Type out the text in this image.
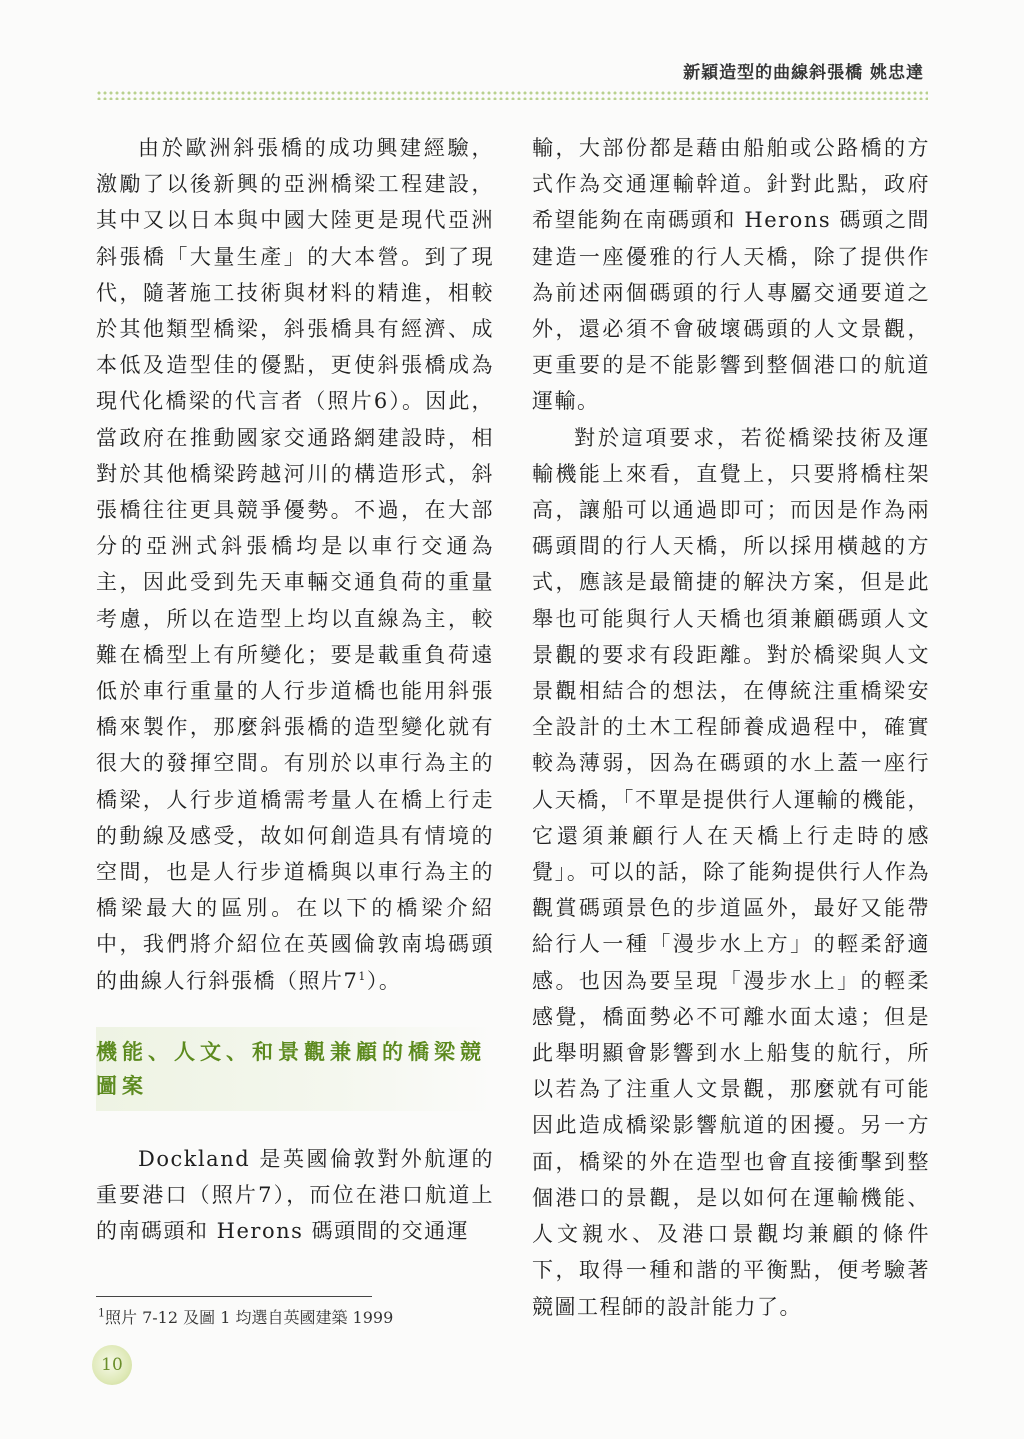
新穎造型的曲線斜張橋 姚忠達

由於歐洲斜張橋的成功興建經驗，激勵了以後新興的亞洲橋梁工程建設，其中又以日本與中國大陸更是現代亞洲斜張橋「大量生產」的大本營。到了現代，隨著施工技術與材料的精進，相較於其他類型橋梁，斜張橋具有經濟、成本低及造型佳的優點，更使斜張橋成為現代化橋梁的代言者（照片6）。因此，當政府在推動國家交通路網建設時，相對於其他橋梁跨越河川的構造形式，斜張橋往往更具競爭優勢。不過，在大部分的亞洲式斜張橋均是以車行交通為主，因此受到先天車輛交通負荷的重量考慮，所以在造型上均以直線為主，較難在橋型上有所變化；要是載重負荷遠低於車行重量的人行步道橋也能用斜張橋來製作，那麼斜張橋的造型變化就有很大的發揮空間。有別於以車行為主的橋梁，人行步道橋需考量人在橋上行走的動線及感受，故如何創造具有情境的空間，也是人行步道橋與以車行為主的橋梁最大的區別。在以下的橋梁介紹中，我們將介紹位在英國倫敦南塢碼頭的曲線人行斜張橋（照片$7^1$）。

機能、人文、和景觀兼顧的橋梁競圖案

Dockland 是英國倫敦對外航運的重要港口（照片7），而位在港口航道上的南碼頭和 Herons 碼頭間的交通運

輸，大部份都是藉由船舶或公路橋的方式作為交通運輸幹道。針對此點，政府希望能夠在南碼頭和 Herons 碼頭之間建造一座優雅的行人天橋，除了提供作為前述兩個碼頭的行人專屬交通要道之外，還必須不會破壞碼頭的人文景觀，更重要的是不能影響到整個港口的航道運輸。

對於這項要求，若從橋梁技術及運輸機能上來看，直覺上，只要將橋柱架高，讓船可以通過即可；而因是作為兩碼頭間的行人天橋，所以採用橫越的方式，應該是最簡捷的解決方案，但是此舉也可能與行人天橋也須兼顧碼頭人文景觀的要求有段距離。對於橋梁與人文景觀相結合的想法，在傳統注重橋梁安全設計的土木工程師養成過程中，確實較為薄弱，因為在碼頭的水上蓋一座行人天橋，「不單是提供行人運輸的機能，它還須兼顧行人在天橋上行走時的感覺」。可以的話，除了能夠提供行人作為觀賞碼頭景色的步道區外，最好又能帶給行人一種「漫步水上方」的輕柔舒適感。也因為要呈現「漫步水上」的輕柔感覺，橋面勢必不可離水面太遠；但是此舉明顯會影響到水上船隻的航行，所以若為了注重人文景觀，那麼就有可能因此造成橋梁影響航道的困擾。另一方面，橋梁的外在造型也會直接衝擊到整個港口的景觀，是以如何在運輸機能、人文親水、及港口景觀均兼顧的條件下，取得一種和諧的平衡點，便考驗著競圖工程師的設計能力了。

$^1$照片 7-12 及圖 1 均選自英國建築 1999
10
